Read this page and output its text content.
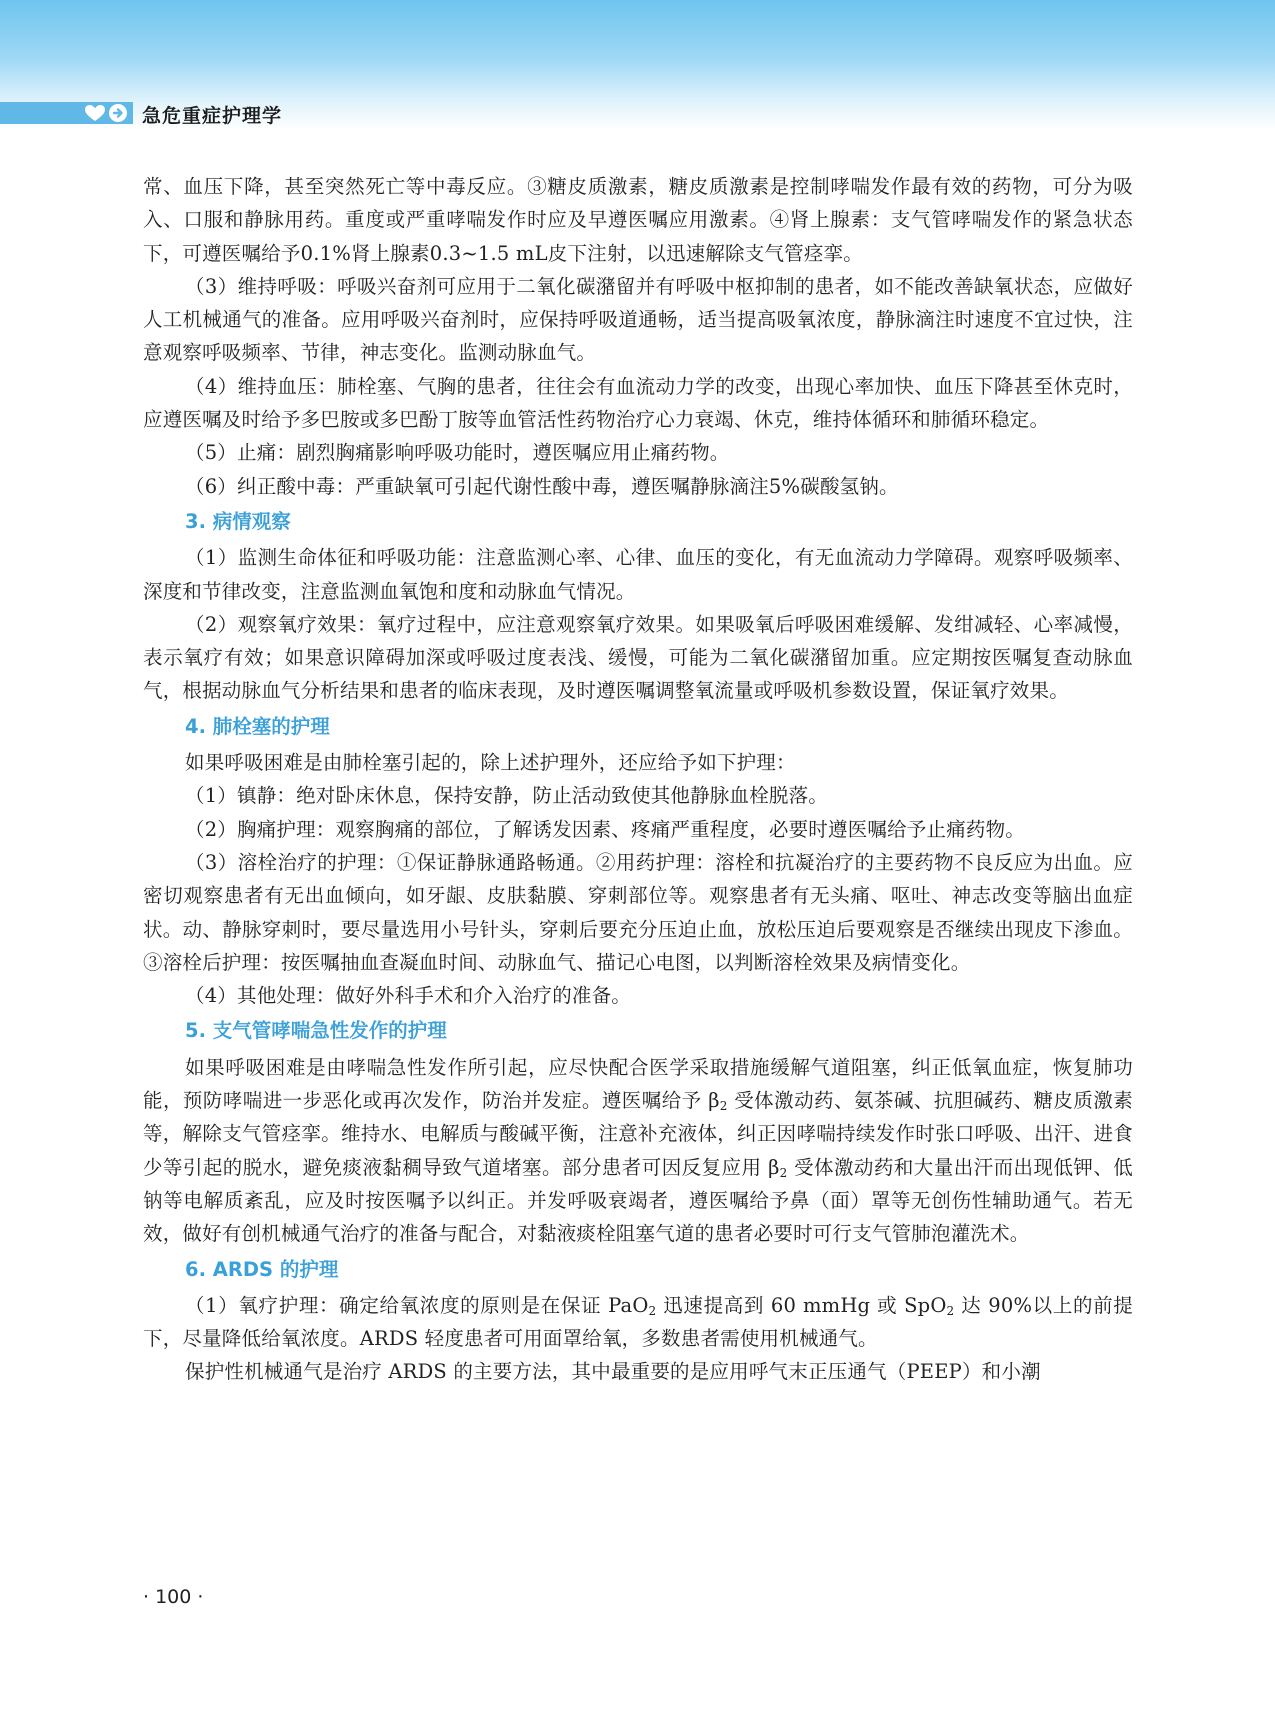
急危重症护理学

常、血压下降，甚至突然死亡等中毒反应。③糖皮质激素，糖皮质激素是控制哮喘发作最有效的药物，可分为吸入、口服和静脉用药。重度或严重哮喘发作时应及早遵医嘱应用激素。④肾上腺素：支气管哮喘发作的紧急状态下，可遵医嘱给予0.1%肾上腺素0.3~1.5 mL皮下注射，以迅速解除支气管痉挛。

（3）维持呼吸：呼吸兴奋剂可应用于二氧化碳潴留并有呼吸中枢抑制的患者，如不能改善缺氧状态，应做好人工机械通气的准备。应用呼吸兴奋剂时，应保持呼吸道通畅，适当提高吸氧浓度，静脉滴注时速度不宜过快，注意观察呼吸频率、节律，神志变化。监测动脉血气。

（4）维持血压：肺栓塞、气胸的患者，往往会有血流动力学的改变，出现心率加快、血压下降甚至休克时，应遵医嘱及时给予多巴胺或多巴酚丁胺等血管活性药物治疗心力衰竭、休克，维持体循环和肺循环稳定。

（5）止痛：剧烈胸痛影响呼吸功能时，遵医嘱应用止痛药物。

（6）纠正酸中毒：严重缺氧可引起代谢性酸中毒，遵医嘱静脉滴注5%碳酸氢钠。

3. 病情观察

（1）监测生命体征和呼吸功能：注意监测心率、心律、血压的变化，有无血流动力学障碍。观察呼吸频率、深度和节律改变，注意监测血氧饱和度和动脉血气情况。

（2）观察氧疗效果：氧疗过程中，应注意观察氧疗效果。如果吸氧后呼吸困难缓解、发绀减轻、心率减慢，表示氧疗有效；如果意识障碍加深或呼吸过度表浅、缓慢，可能为二氧化碳潴留加重。应定期按医嘱复查动脉血气，根据动脉血气分析结果和患者的临床表现，及时遵医嘱调整氧流量或呼吸机参数设置，保证氧疗效果。

4. 肺栓塞的护理

如果呼吸困难是由肺栓塞引起的，除上述护理外，还应给予如下护理：

（1）镇静：绝对卧床休息，保持安静，防止活动致使其他静脉血栓脱落。

（2）胸痛护理：观察胸痛的部位，了解诱发因素、疼痛严重程度，必要时遵医嘱给予止痛药物。

（3）溶栓治疗的护理：①保证静脉通路畅通。②用药护理：溶栓和抗凝治疗的主要药物不良反应为出血。应密切观察患者有无出血倾向，如牙龈、皮肤黏膜、穿刺部位等。观察患者有无头痛、呕吐、神志改变等脑出血症状。动、静脉穿刺时，要尽量选用小号针头，穿刺后要充分压迫止血，放松压迫后要观察是否继续出现皮下渗血。③溶栓后护理：按医嘱抽血查凝血时间、动脉血气、描记心电图，以判断溶栓效果及病情变化。

（4）其他处理：做好外科手术和介入治疗的准备。

5. 支气管哮喘急性发作的护理

如果呼吸困难是由哮喘急性发作所引起，应尽快配合医学采取措施缓解气道阻塞，纠正低氧血症，恢复肺功能，预防哮喘进一步恶化或再次发作，防治并发症。遵医嘱给予 $\beta_2$ 受体激动药、氨茶碱、抗胆碱药、糖皮质激素等，解除支气管痉挛。维持水、电解质与酸碱平衡，注意补充液体，纠正因哮喘持续发作时张口呼吸、出汗、进食少等引起的脱水，避免痰液黏稠导致气道堵塞。部分患者可因反复应用 $\beta_2$ 受体激动药和大量出汗而出现低钾、低钠等电解质紊乱，应及时按医嘱予以纠正。并发呼吸衰竭者，遵医嘱给予鼻（面）罩等无创伤性辅助通气。若无效，做好有创机械通气治疗的准备与配合，对黏液痰栓阻塞气道的患者必要时可行支气管肺泡灌洗术。

6. ARDS 的护理

（1）氧疗护理：确定给氧浓度的原则是在保证 PaO$_2$ 迅速提高到 60 mmHg 或 SpO$_2$ 达 90%以上的前提下，尽量降低给氧浓度。ARDS 轻度患者可用面罩给氧，多数患者需使用机械通气。

保护性机械通气是治疗 ARDS 的主要方法，其中最重要的是应用呼气末正压通气（PEEP）和小潮

· 100 ·
